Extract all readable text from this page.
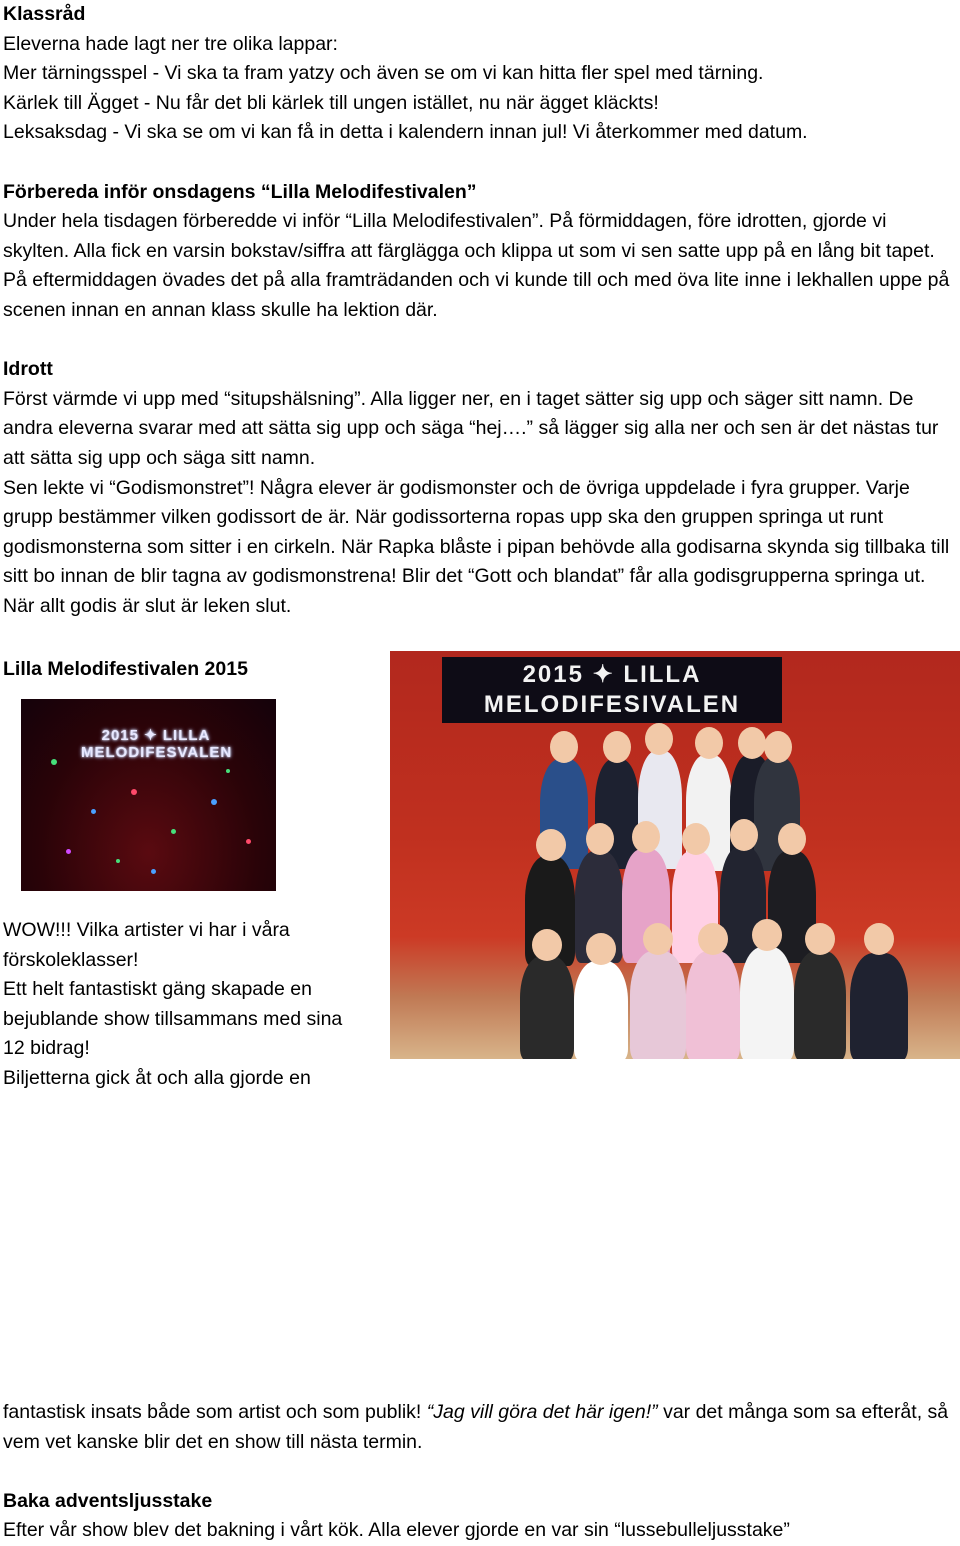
Klassråd

Eleverna hade lagt ner tre olika lappar:

Mer tärningsspel - Vi ska ta fram yatzy och även se om vi kan hitta fler spel med tärning.

Kärlek till Ägget - Nu får det bli kärlek till ungen istället, nu när ägget kläckts!

Leksaksdag - Vi ska se om vi kan få in detta i kalendern innan jul! Vi återkommer med datum.

Förbereda inför onsdagens “Lilla Melodifestivalen”

Under hela tisdagen förberedde vi inför “Lilla Melodifestivalen”. På förmiddagen, före idrotten, gjorde vi skylten. Alla fick en varsin bokstav/siffra att färglägga och klippa ut som vi sen satte upp på en lång bit tapet.

På eftermiddagen övades det på alla framträdanden och vi kunde till och med öva lite inne i lekhallen uppe på scenen innan en annan klass skulle ha lektion där.

Idrott

Först värmde vi upp med “situpshälsning”. Alla ligger ner, en i taget sätter sig upp och säger sitt namn. De andra eleverna svarar med att sätta sig upp och säga “hej….” så lägger sig alla ner och sen är det nästas tur att sätta sig upp och säga sitt namn.

Sen lekte vi “Godismonstret”! Några elever är godismonster och de övriga uppdelade i fyra grupper. Varje grupp bestämmer vilken godissort de är. När godissorterna ropas upp ska den gruppen springa ut runt godismonsterna som sitter i en cirkeln. När Rapka blåste i pipan behövde alla godisarna skynda sig tillbaka till sitt bo innan de blir tagna av godismonstrena! Blir det “Gott och blandat” får alla godisgrupperna springa ut. När allt godis är slut är leken slut.

Lilla Melodifestivalen 2015

2015 ✦ LILLA MELODIFESVALEN
2015 ✦ LILLA MELODIFESIVALEN

WOW!!! Vilka artister vi har i våra

förskoleklasser!

Ett helt fantastiskt gäng skapade en

bejublande show tillsammans med sina

12 bidrag!

Biljetterna gick åt och alla gjorde en

fantastisk insats både som artist och som publik! “Jag vill göra det här igen!” var det många som sa efteråt, så vem vet kanske blir det en show till nästa termin.

Baka adventsljusstake

Efter vår show blev det bakning i vårt kök. Alla elever gjorde en var sin “lussebulleljusstake”
